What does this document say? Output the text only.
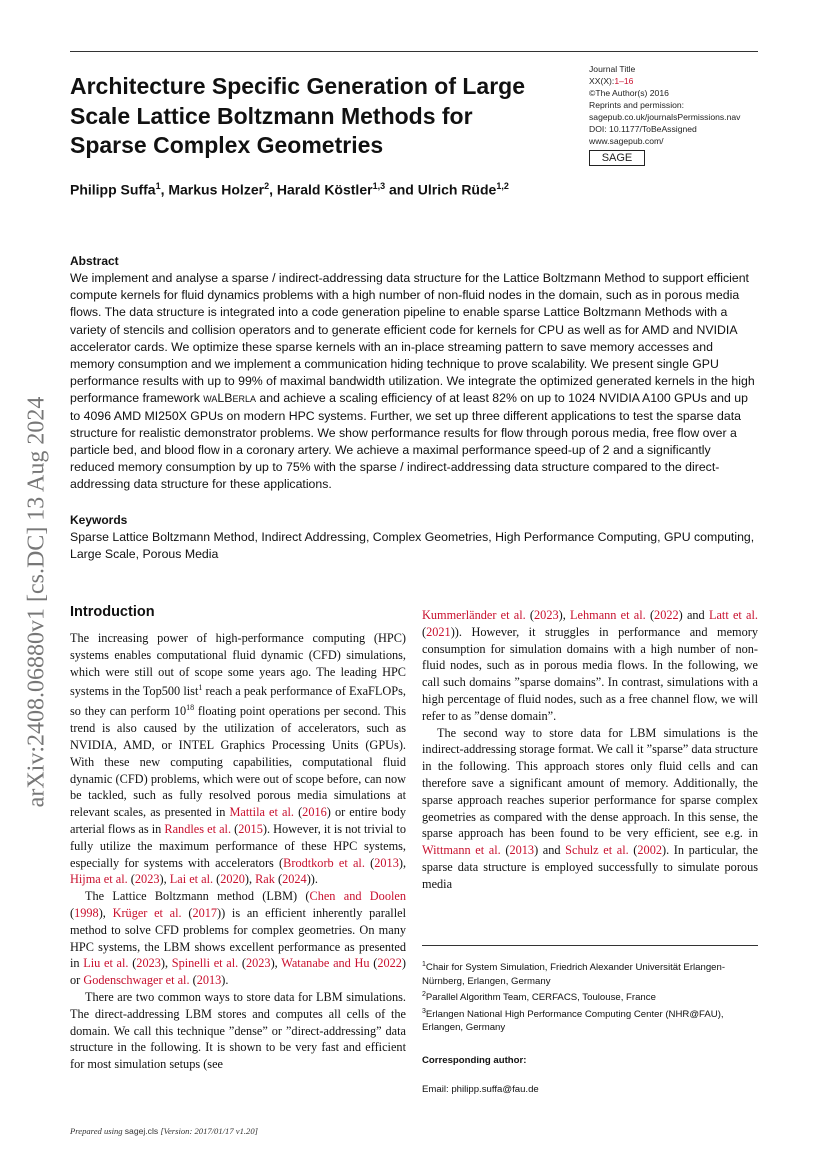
arXiv:2408.06880v1 [cs.DC] 13 Aug 2024
Architecture Specific Generation of Large Scale Lattice Boltzmann Methods for Sparse Complex Geometries
Journal Title
XX(X):1–16
©The Author(s) 2016
Reprints and permission:
sagepub.co.uk/journalsPermissions.nav
DOI: 10.1177/ToBeAssigned
www.sagepub.com/
SAGE
Philipp Suffa$^1$, Markus Holzer$^2$, Harald Köstler$^{1,3}$ and Ulrich Rüde$^{1,2}$
Abstract
We implement and analyse a sparse / indirect-addressing data structure for the Lattice Boltzmann Method to support efficient compute kernels for fluid dynamics problems with a high number of non-fluid nodes in the domain, such as in porous media flows. The data structure is integrated into a code generation pipeline to enable sparse Lattice Boltzmann Methods with a variety of stencils and collision operators and to generate efficient code for kernels for CPU as well as for AMD and NVIDIA accelerator cards. We optimize these sparse kernels with an in-place streaming pattern to save memory accesses and memory consumption and we implement a communication hiding technique to prove scalability. We present single GPU performance results with up to 99% of maximal bandwidth utilization. We integrate the optimized generated kernels in the high performance framework waLBerla and achieve a scaling efficiency of at least 82% on up to 1024 NVIDIA A100 GPUs and up to 4096 AMD MI250X GPUs on modern HPC systems. Further, we set up three different applications to test the sparse data structure for realistic demonstrator problems. We show performance results for flow through porous media, free flow over a particle bed, and blood flow in a coronary artery. We achieve a maximal performance speed-up of 2 and a significantly reduced memory consumption by up to 75% with the sparse / indirect-addressing data structure compared to the direct-addressing data structure for these applications.
Keywords
Sparse Lattice Boltzmann Method, Indirect Addressing, Complex Geometries, High Performance Computing, GPU computing, Large Scale, Porous Media
Introduction

The increasing power of high-performance computing (HPC) systems enables computational fluid dynamic (CFD) simulations, which were still out of scope some years ago. The leading HPC systems in the Top500 list$^1$ reach a peak performance of ExaFLOPs, so they can perform $10^{18}$ floating point operations per second. This trend is also caused by the utilization of accelerators, such as NVIDIA, AMD, or INTEL Graphics Processing Units (GPUs). With these new computing capabilities, computational fluid dynamic (CFD) problems, which were out of scope before, can now be tackled, such as fully resolved porous media simulations at relevant scales, as presented in Mattila et al. (2016) or entire body arterial flows as in Randles et al. (2015). However, it is not trivial to fully utilize the maximum performance of these HPC systems, especially for systems with accelerators (Brodtkorb et al. (2013), Hijma et al. (2023), Lai et al. (2020), Rak (2024)).

The Lattice Boltzmann method (LBM) (Chen and Doolen (1998), Krüger et al. (2017)) is an efficient inherently parallel method to solve CFD problems for complex geometries. On many HPC systems, the LBM shows excellent performance as presented in Liu et al. (2023), Spinelli et al. (2023), Watanabe and Hu (2022) or Godenschwager et al. (2013).

There are two common ways to store data for LBM simulations. The direct-addressing LBM stores and computes all cells of the domain. We call this technique ”dense” or ”direct-addressing” data structure in the following. It is shown to be very fast and efficient for most simulation setups (see

Kummerländer et al. (2023), Lehmann et al. (2022) and Latt et al. (2021)). However, it struggles in performance and memory consumption for simulation domains with a high number of non-fluid nodes, such as in porous media flows. In the following, we call such domains ”sparse domains”. In contrast, simulations with a high percentage of fluid nodes, such as a free channel flow, we will refer to as ”dense domain”.

The second way to store data for LBM simulations is the indirect-addressing storage format. We call it ”sparse” data structure in the following. This approach stores only fluid cells and can therefore save a significant amount of memory. Additionally, the sparse approach reaches superior performance for sparse complex geometries as compared with the dense approach. In this sense, the sparse approach has been found to be very efficient, see e.g. in Wittmann et al. (2013) and Schulz et al. (2002). In particular, the sparse data structure is employed successfully to simulate porous media

$^1$Chair for System Simulation, Friedrich Alexander Universität Erlangen-Nürnberg, Erlangen, Germany

$^2$Parallel Algorithm Team, CERFACS, Toulouse, France

$^3$Erlangen National High Performance Computing Center (NHR@FAU), Erlangen, Germany

Corresponding author:
Email: philipp.suffa@fau.de
Prepared using sagej.cls [Version: 2017/01/17 v1.20]
